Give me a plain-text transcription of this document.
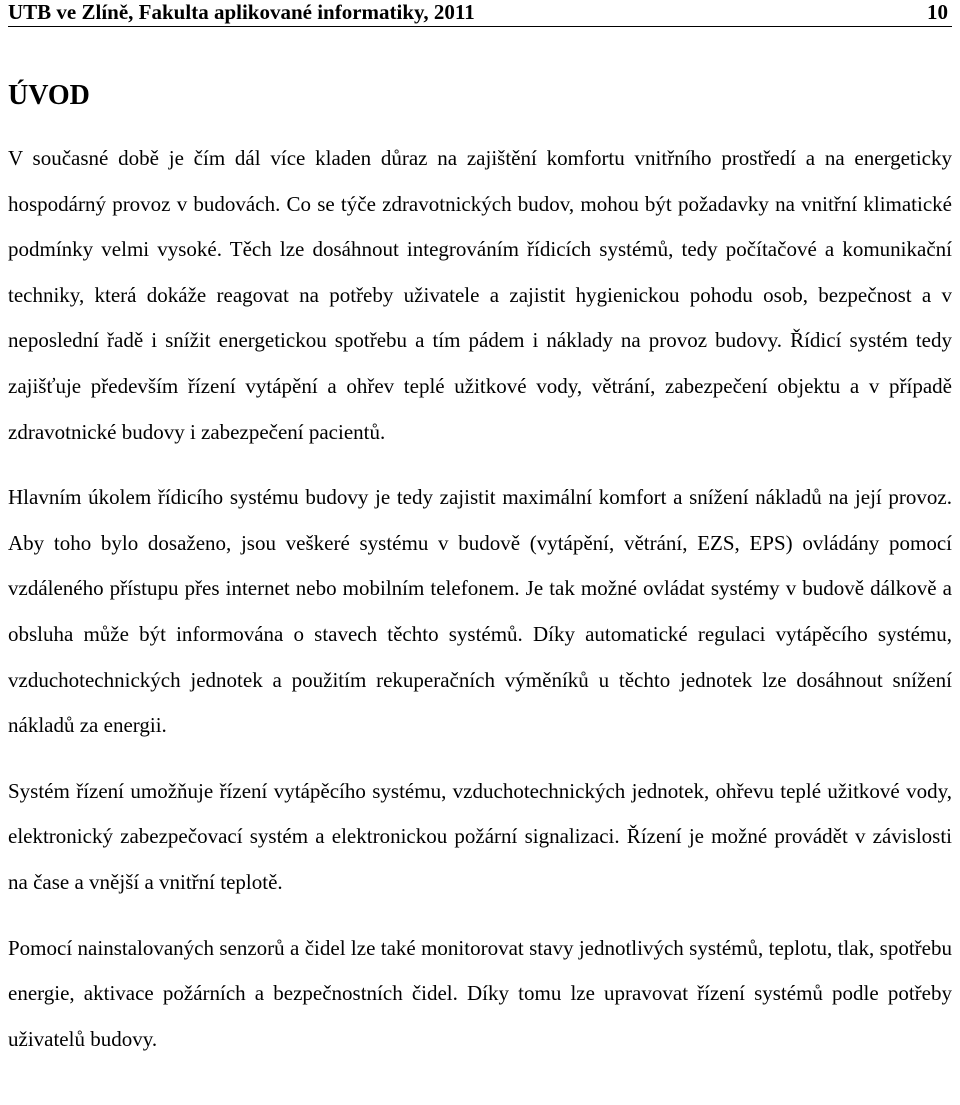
UTB ve Zlíně, Fakulta aplikované informatiky, 2011	10
ÚVOD

V současné době je čím dál více kladen důraz na zajištění komfortu vnitřního prostředí a na energeticky hospodárný provoz v budovách. Co se týče zdravotnických budov, mohou být požadavky na vnitřní klimatické podmínky velmi vysoké. Těch lze dosáhnout integrováním řídicích systémů, tedy počítačové a komunikační techniky, která dokáže reagovat na potřeby uživatele a zajistit hygienickou pohodu osob, bezpečnost a v neposlední řadě i snížit energetickou spotřebu a tím pádem i náklady na provoz budovy. Řídicí systém tedy zajišťuje především řízení vytápění a ohřev teplé užitkové vody, větrání, zabezpečení objektu a v případě zdravotnické budovy i zabezpečení pacientů.

Hlavním úkolem řídicího systému budovy je tedy zajistit maximální komfort a snížení nákladů na její provoz. Aby toho bylo dosaženo, jsou veškeré systému v budově (vytápění, větrání, EZS, EPS) ovládány pomocí vzdáleného přístupu přes internet nebo mobilním telefonem. Je tak možné ovládat systémy v budově dálkově a obsluha může být informována o stavech těchto systémů. Díky automatické regulaci vytápěcího systému, vzduchotechnických jednotek a použitím rekuperačních výměníků u těchto jednotek lze dosáhnout snížení nákladů za energii.

Systém řízení umožňuje řízení vytápěcího systému, vzduchotechnických jednotek, ohřevu teplé užitkové vody, elektronický zabezpečovací systém a elektronickou požární signalizaci. Řízení je možné provádět v závislosti na čase a vnější a vnitřní teplotě.

Pomocí nainstalovaných senzorů a čidel lze také monitorovat stavy jednotlivých systémů, teplotu, tlak, spotřebu energie, aktivace požárních a bezpečnostních čidel. Díky tomu lze upravovat řízení systémů podle potřeby uživatelů budovy.
